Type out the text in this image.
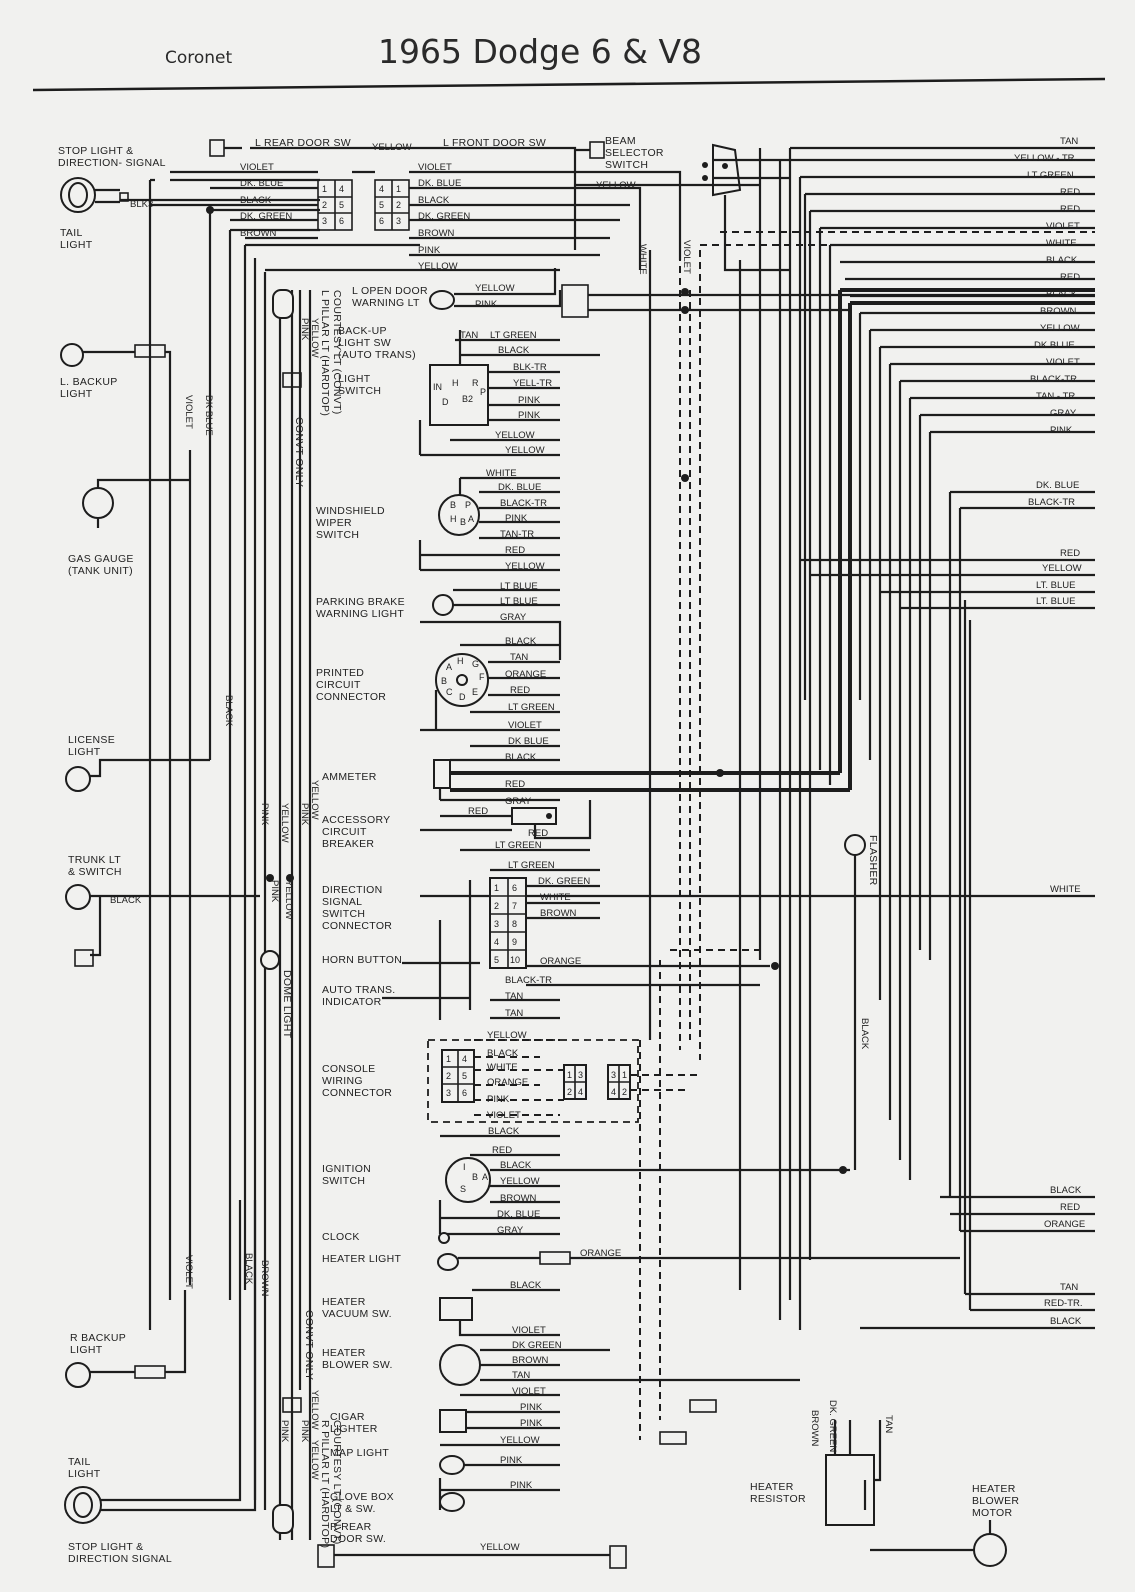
Coronet	1965 Dodge 6 & V8
TAN
YELLOW - TR.
LT GREEN
RED
RED
VIOLET
WHITE
BLACK
RED
BLACK
BROWN
YELLOW
DK BLUE
VIOLET
BLACK-TR
TAN - TR
GRAY
PINK
DK. BLUE
BLACK-TR
RED
YELLOW
LT. BLUE
LT. BLUE
WHITE
BLACK
RED
ORANGE
TAN
RED-TR.
BLACK
BEAM
SELECTOR
SWITCH
STOP LIGHT &
DIRECTION- SIGNAL
TAIL
LIGHT
BLK3
L. BACKUP
LIGHT
GAS GAUGE
(TANK UNIT)
LICENSE
LIGHT
TRUNK LT
& SWITCH
BLACK
R BACKUP
LIGHT
TAIL
LIGHT
STOP LIGHT &
DIRECTION SIGNAL
VIOLET DK BLUE
BLACK
VIOLET	BLACK BROWN
L PILLAR LT (HARDTOP) COURTESY LT (CONVT)
CONVT ONLY
DOME LIGHT
CONVT ONLY
R PILLAR LT (HARDTOP) COURTESY LT (CONVT)
PINK YELLOW
PINK YELLOW PINK YELLOW
PINK YELLOW
PINK
YELLOW
PINK
YELLOW
L REAR DOOR SW	L FRONT DOOR SW
YELLOW
1 4
2 5
3 6
4 1
5 2
6 3
VIOLET
DK. BLUE
BLACK
DK. GREEN
BROWN
VIOLET
DK. BLUE
BLACK
DK. GREEN
BROWN
PINK
YELLOW
YELLOW
WHITE	VIOLET
YELLOW
PINK
L OPEN DOOR
WARNING LT
BACK-UP
LIGHT SW
(AUTO TRANS)
IN H R
D B2
P
TAN LT GREEN
BLACK
BLK-TR
YELL-TR
PINK
PINK
YELLOW
YELLOW
LIGHT
SWITCH
B P
H B A
WHITE
DK. BLUE
BLACK-TR
PINK
TAN-TR
RED
YELLOW
WINDSHIELD
WIPER
SWITCH
LT BLUE
LT BLUE
GRAY
PARKING BRAKE
WARNING LIGHT
H G
F
E
D
C
B
A
BLACK
TAN
ORANGE
RED
LT GREEN
VIOLET
DK BLUE
PRINTED
CIRCUIT
CONNECTOR
BLACK
RED
GRAY
AMMETER
RED
RED
LT GREEN
ACCESSORY
CIRCUIT
BREAKER
1 6
2 7
3 8
4 9
5 10
LT GREEN
DK. GREEN
WHITE
BROWN
ORANGE
BLACK-TR
TAN
TAN
DIRECTION
SIGNAL
SWITCH
CONNECTOR
HORN BUTTON
AUTO TRANS.
INDICATOR
1 4
2 5
3 6
1 3
2 4
3 1
4 2
YELLOW
BLACK
WHITE
ORANGE
PINK
VIOLET
CONSOLE
WIRING
CONNECTOR
I
B A
S
BLACK
RED
BLACK
YELLOW
BROWN
DK. BLUE
GRAY
IGNITION
SWITCH
CLOCK
ORANGE
HEATER LIGHT
BLACK
VIOLET
HEATER
VACUUM SW.
DK GREEN
BROWN
TAN
VIOLET
HEATER
BLOWER SW.
PINK
PINK
YELLOW
PINK
PINK
YELLOW
CIGAR
LIGHTER
MAP LIGHT
GLOVE BOX
LT & SW.
R REAR
DOOR SW.
FLASHER
BLACK
BROWN DK. GREEN	TAN
HEATER
RESISTOR
HEATER
BLOWER
MOTOR
